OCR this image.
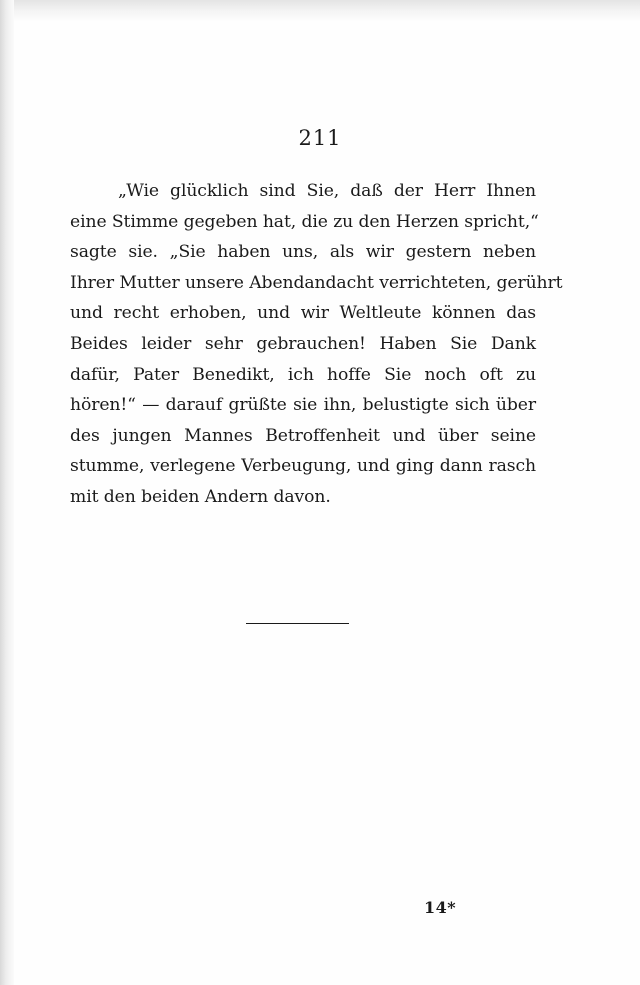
211
„Wie glücklich sind Sie, daß der Herr Ihnen
eine Stimme gegeben hat, die zu den Herzen spricht,“
sagte sie. „Sie haben uns, als wir gestern neben
Ihrer Mutter unsere Abendandacht verrichteten, gerührt
und recht erhoben, und wir Weltleute können das
Beides leider sehr gebrauchen! Haben Sie Dank
dafür, Pater Benedikt, ich hoffe Sie noch oft zu
hören!“ — darauf grüßte sie ihn, belustigte sich über
des jungen Mannes Betroffenheit und über seine
stumme, verlegene Verbeugung, und ging dann rasch
mit den beiden Andern davon.
14*
